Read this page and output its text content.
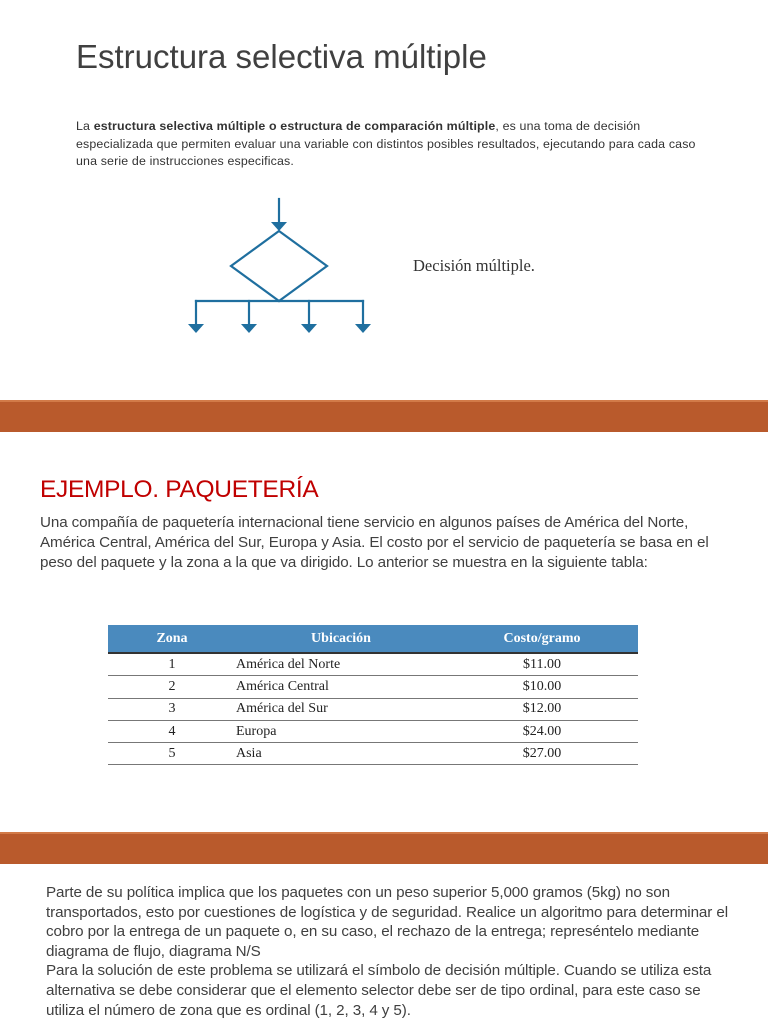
Estructura selectiva múltiple

La estructura selectiva múltiple o estructura de comparación múltiple, es una toma de decisión especializada que permiten evaluar una variable con distintos posibles resultados, ejecutando para cada caso una serie de instrucciones especificas.

Decisión múltiple.
EJEMPLO. PAQUETERÍA

Una compañía de paquetería internacional tiene servicio en algunos países de América del Norte, América Central, América del Sur, Europa y Asia. El costo por el servicio de paquetería se basa en el peso del paquete y la zona a la que va dirigido. Lo anterior se muestra en la siguiente tabla:

Zona	Ubicación	Costo/gramo
1	América del Norte	$11.00
2	América Central	$10.00
3	América del Sur	$12.00
4	Europa	$24.00
5	Asia	$27.00

Parte de su política implica que los paquetes con un peso superior 5,000 gramos (5kg) no son transportados, esto por cuestiones de logística y de seguridad. Realice un algoritmo para determinar el cobro por la entrega de un paquete o, en su caso, el rechazo de la entrega; represéntelo mediante diagrama de flujo, diagrama N/S

Para la solución de este problema se utilizará el símbolo de decisión múltiple. Cuando se utiliza esta alternativa se debe considerar que el elemento selector debe ser de tipo ordinal, para este caso se utiliza el número de zona que es ordinal (1, 2, 3, 4 y 5).
